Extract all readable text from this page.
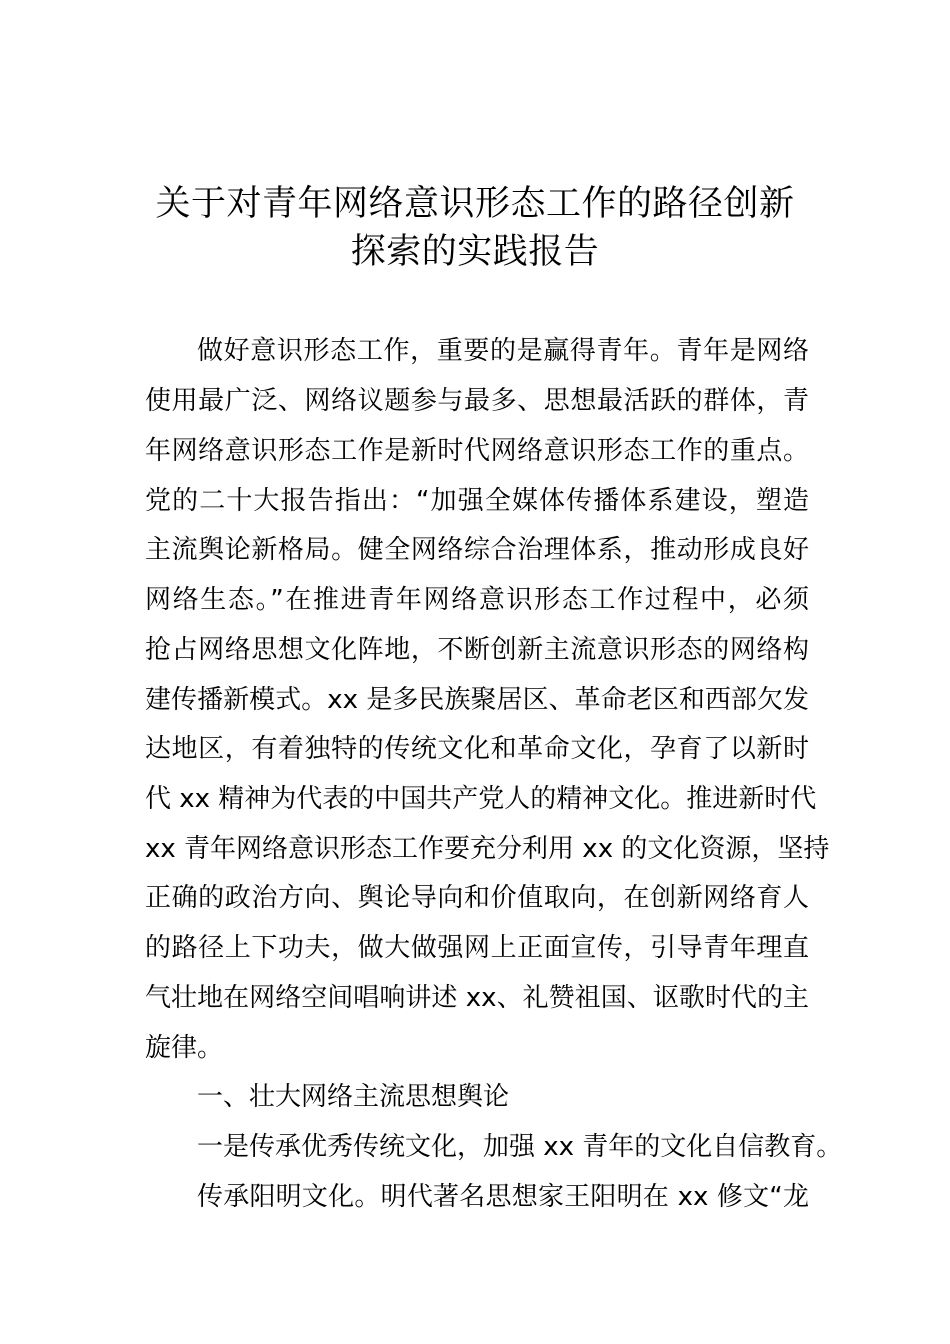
关于对青年网络意识形态工作的路径创新
探索的实践报告
做好意识形态工作，重要的是赢得青年。青年是网络
使用最广泛、网络议题参与最多、思想最活跃的群体，青
年网络意识形态工作是新时代网络意识形态工作的重点。
党的二十大报告指出：“加强全媒体传播体系建设，塑造
主流舆论新格局。健全网络综合治理体系，推动形成良好
网络生态。”在推进青年网络意识形态工作过程中，必须
抢占网络思想文化阵地，不断创新主流意识形态的网络构
建传播新模式。xx 是多民族聚居区、革命老区和西部欠发
达地区，有着独特的传统文化和革命文化，孕育了以新时
代 xx 精神为代表的中国共产党人的精神文化。推进新时代
xx 青年网络意识形态工作要充分利用 xx 的文化资源，坚持
正确的政治方向、舆论导向和价值取向，在创新网络育人
的路径上下功夫，做大做强网上正面宣传，引导青年理直
气壮地在网络空间唱响讲述 xx、礼赞祖国、讴歌时代的主
旋律。
一、壮大网络主流思想舆论
一是传承优秀传统文化，加强 xx 青年的文化自信教育。
传承阳明文化。明代著名思想家王阳明在 xx 修文“龙
